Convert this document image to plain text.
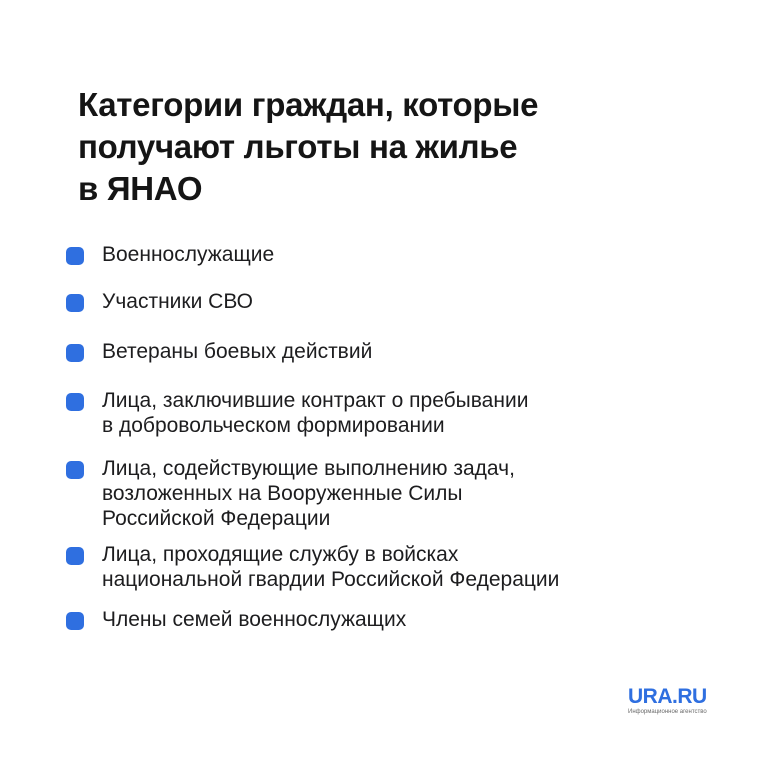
Категории граждан, которые
получают льготы на жилье
в ЯНАО
Военнослужащие
Участники СВО
Ветераны боевых действий
Лица, заключившие контракт о пребывании
в добровольческом формировании
Лица, содействующие выполнению задач,
возложенных на Вооруженные Силы
Российской Федерации
Лица, проходящие службу в войсках
национальной гвардии Российской Федерации
Члены семей военнослужащих
URA.RU
Информационное агентство
